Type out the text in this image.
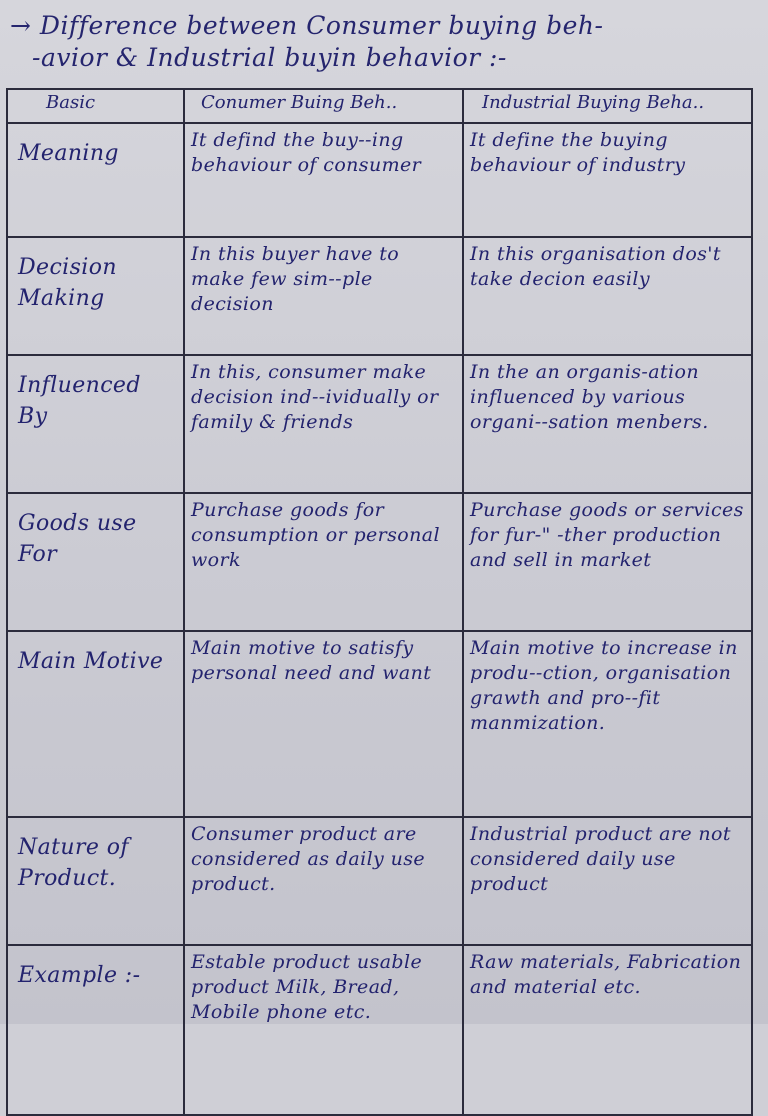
→ Difference between Consumer buying beh-
-avior & Industrial buyin behavior :-
Basic	Conumer Buing Beh..	Industrial Buying Beha..
Meaning	It defind the buy--ing behaviour of consumer	It define the buying behaviour of industry
Decision Making	In this buyer have to make few sim--ple decision	In this organisation dos't take decion easily
Influenced By	In this, consumer make decision ind--ividually or family & friends	In the an organis-ation influenced by various organi--sation menbers.
Goods use For	Purchase goods for consumption or personal work	Purchase goods or services for fur-" -ther production and sell in market
Main Motive	Main motive to satisfy personal need and want	Main motive to increase in produ--ction, organisation grawth and pro--fit manmization.
Nature of Product.	Consumer product are considered as daily use product.	Industrial product are not considered daily use product
Example :-	Estable product usable product Milk, Bread, Mobile phone etc.	Raw materials, Fabrication and material etc.
